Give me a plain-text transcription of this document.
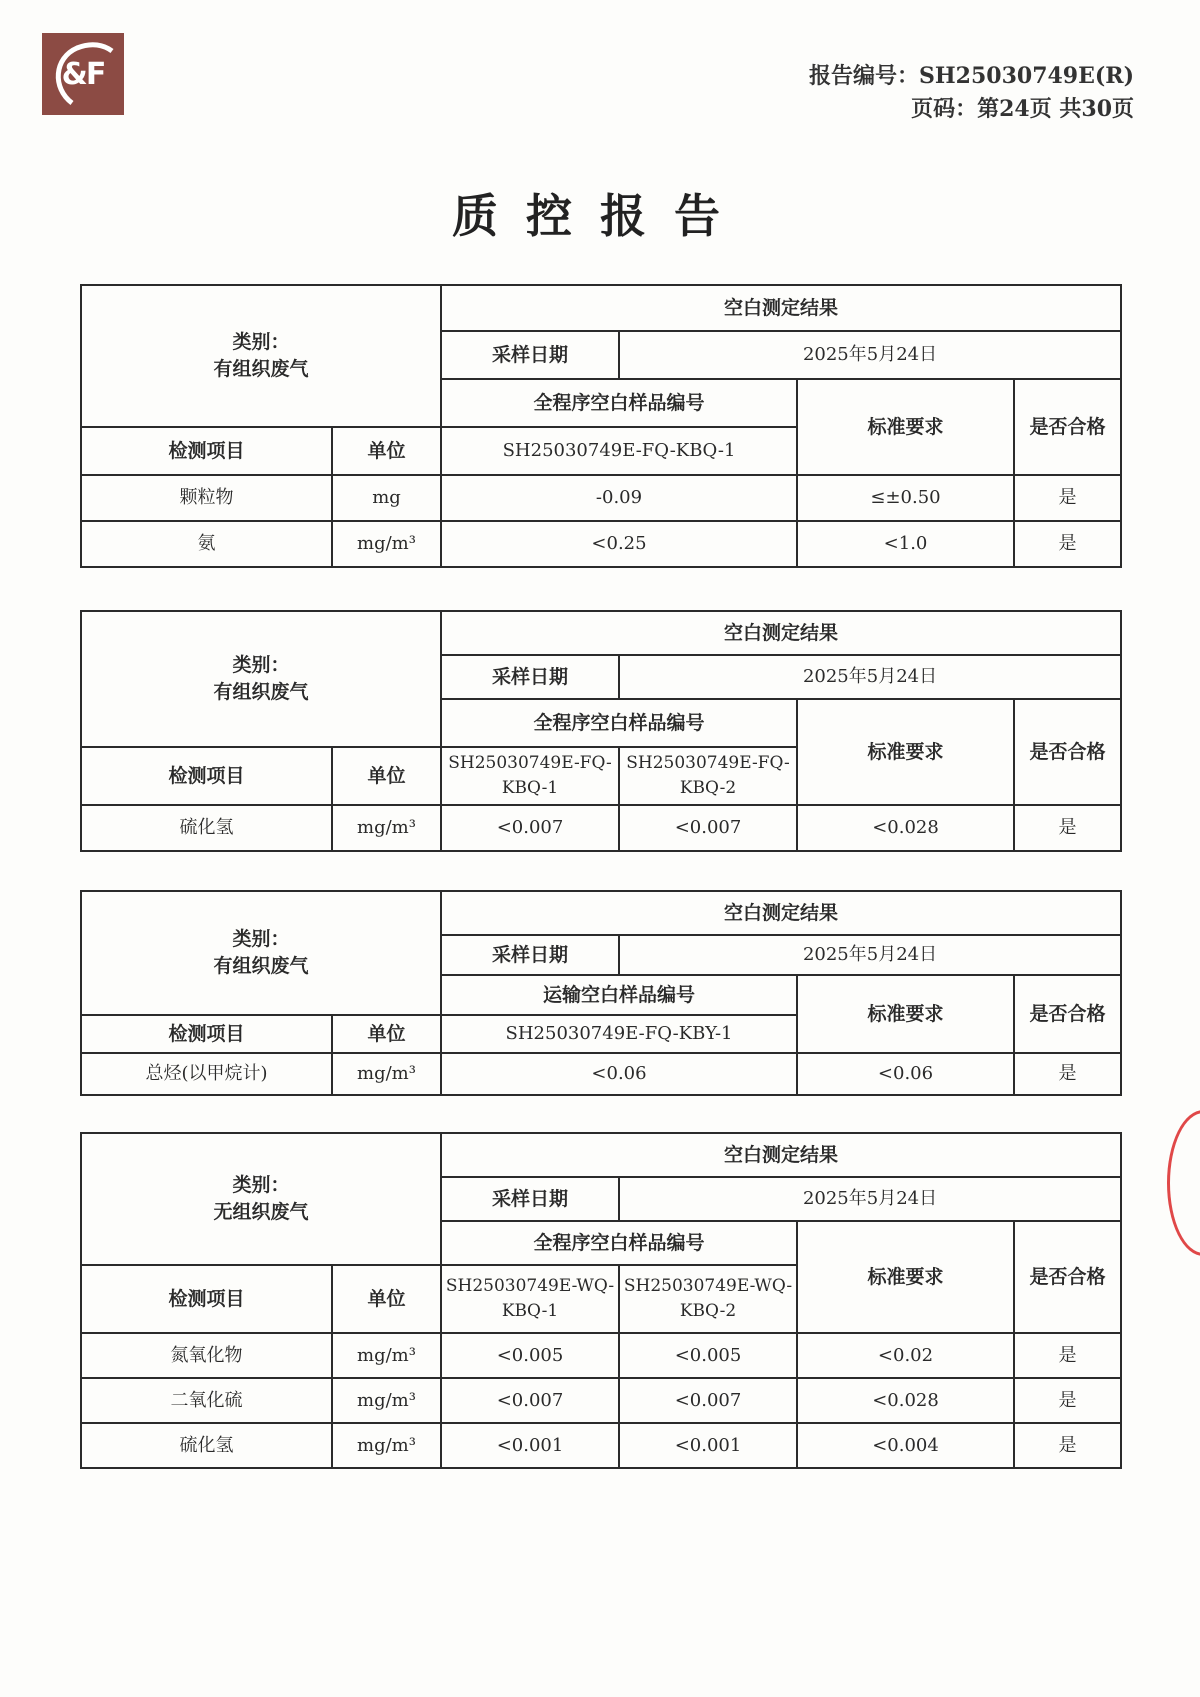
&F	报告编号：SH25030749E(R)
页码：第24页 共30页
质控报告
类别：
有组织废气		空白测定结果			
		采样日期	2025年5月24日		
		全程序空白样品编号		标准要求	是否合格
检测项目	单位	SH25030749E-FQ-KBQ-1			
颗粒物	mg	-0.09		≤±0.50	是
氨	mg/m³	<0.25		<1.0	是
类别：
有组织废气		空白测定结果			
		采样日期	2025年5月24日		
		全程序空白样品编号		标准要求	是否合格
检测项目	单位	SH25030749E-FQ-KBQ-1	SH25030749E-FQ-KBQ-2		
硫化氢	mg/m³	<0.007	<0.007	<0.028	是
类别：
有组织废气		空白测定结果			
		采样日期	2025年5月24日		
		运输空白样品编号		标准要求	是否合格
检测项目	单位	SH25030749E-FQ-KBY-1			
总烃(以甲烷计)	mg/m³	<0.06		<0.06	是
类别：
无组织废气		空白测定结果			
		采样日期	2025年5月24日		
		全程序空白样品编号		标准要求	是否合格
检测项目	单位	SH25030749E-WQ-KBQ-1	SH25030749E-WQ-KBQ-2		
氮氧化物	mg/m³	<0.005	<0.005	<0.02	是
二氧化硫	mg/m³	<0.007	<0.007	<0.028	是
硫化氢	mg/m³	<0.001	<0.001	<0.004	是
